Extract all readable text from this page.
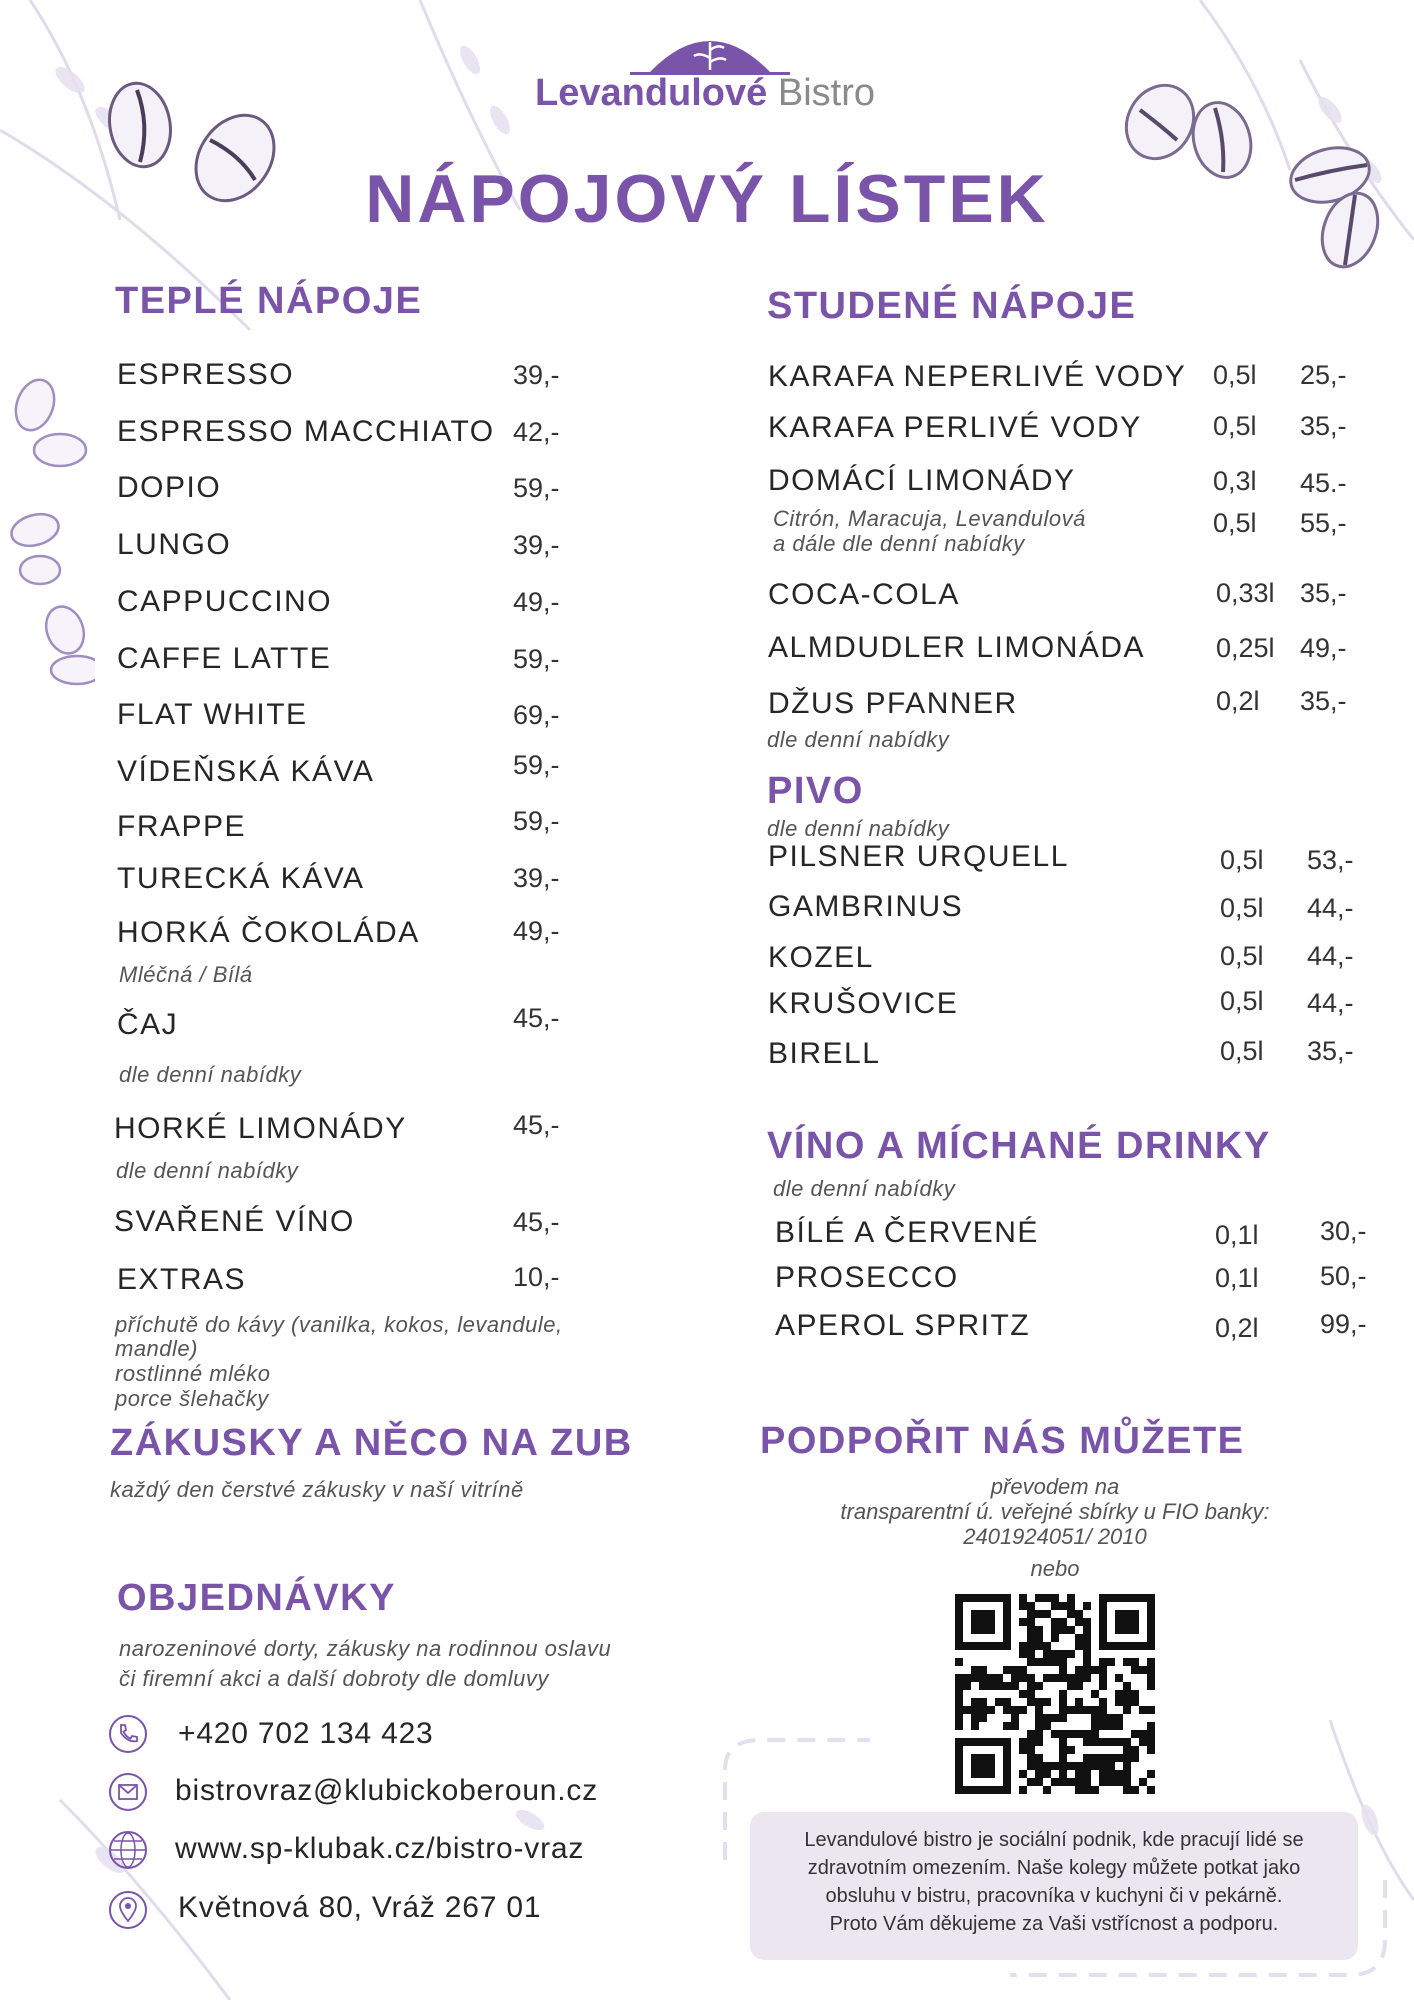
Levandulové Bistro
NÁPOJOVÝ LÍSTEK
TEPLÉ NÁPOJE
ESPRESSO	39,-
ESPRESSO MACCHIATO 42,-
DOPIO	59,-
LUNGO	39,-
CAPPUCCINO	49,-
CAFFE LATTE	59,-
FLAT WHITE	69,-
VÍDEŇSKÁ KÁVA	59,-
FRAPPE	59,-
TURECKÁ KÁVA	39,-
HORKÁ ČOKOLÁDA	49,-
Mléčná / Bílá
ČAJ	45,-
dle denní nabídky
HORKÉ LIMONÁDY	45,-
dle denní nabídky
SVAŘENÉ VÍNO	45,-
EXTRAS	10,-
příchutě do kávy (vanilka, kokos, levandule,
mandle)
rostlinné mléko
porce šlehačky
STUDENÉ NÁPOJE
KARAFA NEPERLIVÉ VODY 0,5l 25,-
KARAFA PERLIVÉ VODY	0,5l 35,-
DOMÁCÍ LIMONÁDY	0,3l 45.-
0,5l 55,-
Citrón, Maracuja, Levandulová
a dále dle denní nabídky
COCA-COLA	0,33l 35,-
ALMDUDLER LIMONÁDA	0,25l 49,-
DŽUS PFANNER	0,2l 35,-
dle denní nabídky
PIVO
dle denní nabídky
PILSNER URQUELL	0,5l 53,-
GAMBRINUS	0,5l 44,-
KOZEL	0,5l 44,-
KRUŠOVICE	0,5l 44,-
BIRELL	0,5l 35,-
VÍNO A MÍCHANÉ DRINKY
dle denní nabídky
BÍLÉ A ČERVENÉ	0,1l 30,-
PROSECCO	0,1l 50,-
APEROL SPRITZ	0,2l 99,-
ZÁKUSKY A NĚCO NA ZUB
každý den čerstvé zákusky v naší vitríně
OBJEDNÁVKY
narozeninové dorty, zákusky na rodinnou oslavu
či firemní akci a další dobroty dle domluvy
+420 702 134 423
bistrovraz@klubickoberoun.cz
www.sp-klubak.cz/bistro-vraz
Květnová 80, Vráž 267 01
PODPOŘIT NÁS MŮŽETE
převodem na
transparentní ú. veřejné sbírky u FIO banky:
2401924051/ 2010
nebo
Levandulové bistro je sociální podnik, kde pracují lidé se
zdravotním omezením. Naše kolegy můžete potkat jako
obsluhu v bistru, pracovníka v kuchyni či v pekárně.
Proto Vám děkujeme za Vaši vstřícnost a podporu.
